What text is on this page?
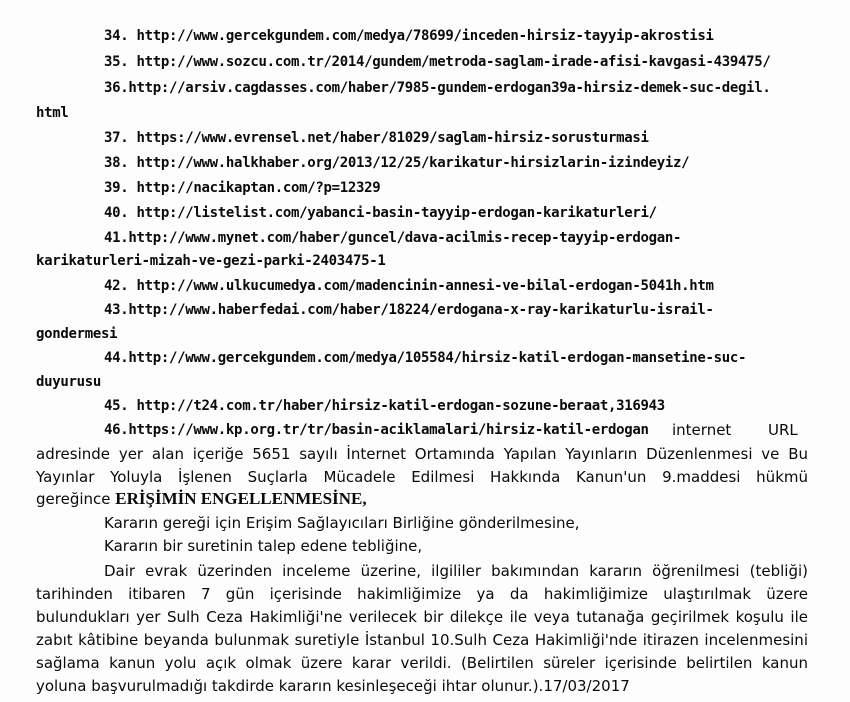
34. http://www.gercekgundem.com/medya/78699/inceden-hirsiz-tayyip-akrostisi
35. http://www.sozcu.com.tr/2014/gundem/metroda-saglam-irade-afisi-kavgasi-439475/
36.http://arsiv.cagdasses.com/haber/7985-gundem-erdogan39a-hirsiz-demek-suc-degil.
html
37. https://www.evrensel.net/haber/81029/saglam-hirsiz-sorusturmasi
38. http://www.halkhaber.org/2013/12/25/karikatur-hirsizlarin-izindeyiz/
39. http://nacikaptan.com/?p=12329
40. http://listelist.com/yabanci-basin-tayyip-erdogan-karikaturleri/
41.http://www.mynet.com/haber/guncel/dava-acilmis-recep-tayyip-erdogan-
karikaturleri-mizah-ve-gezi-parki-2403475-1
42. http://www.ulkucumedya.com/madencinin-annesi-ve-bilal-erdogan-5041h.htm
43.http://www.haberfedai.com/haber/18224/erdogana-x-ray-karikaturlu-israil-
gondermesi
44.http://www.gercekgundem.com/medya/105584/hirsiz-katil-erdogan-mansetine-suc-
duyurusu
45. http://t24.com.tr/haber/hirsiz-katil-erdogan-sozune-beraat,316943
46.https://www.kp.org.tr/tr/basin-aciklamalari/hirsiz-katil-erdogan internet URL
adresinde yer alan içeriğe 5651 sayılı İnternet Ortamında Yapılan Yayınların Düzenlenmesi ve Bu
Yayınlar Yoluyla İşlenen Suçlarla Mücadele Edilmesi Hakkında Kanun'un 9.maddesi hükmü
gereğince ERİŞİMİN ENGELLENMESİNE,
Kararın gereği için Erişim Sağlayıcıları Birliğine gönderilmesine,
Kararın bir suretinin talep edene tebliğine,
Dair evrak üzerinden inceleme üzerine, ilgililer bakımından kararın öğrenilmesi (tebliği)
tarihinden itibaren 7 gün içerisinde hakimliğimize ya da hakimliğimize ulaştırılmak üzere
bulundukları yer Sulh Ceza Hakimliği'ne verilecek bir dilekçe ile veya tutanağa geçirilmek koşulu ile
zabıt kâtibine beyanda bulunmak suretiyle İstanbul 10.Sulh Ceza Hakimliği'nde itirazen incelenmesini
sağlama kanun yolu açık olmak üzere karar verildi. (Belirtilen süreler içerisinde belirtilen kanun
yoluna başvurulmadığı takdirde kararın kesinleşeceği ihtar olunur.).17/03/2017
